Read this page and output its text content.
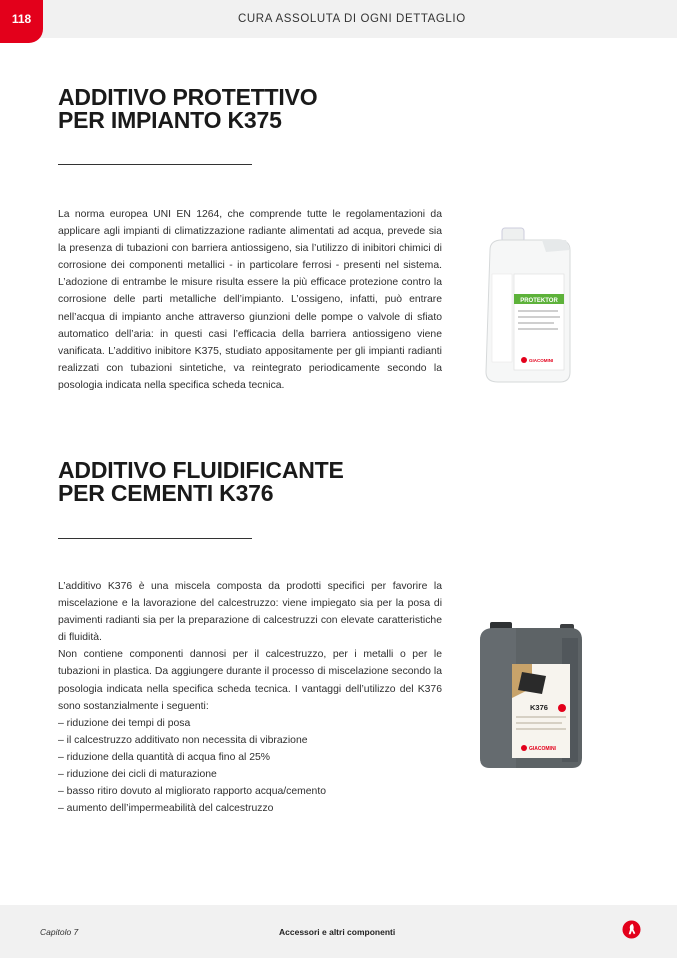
118	CURA ASSOLUTA DI OGNI DETTAGLIO
ADDITIVO PROTETTIVO
PER IMPIANTO K375

La norma europea UNI EN 1264, che comprende tutte le regolamentazioni da applicare agli impianti di climatizzazione radiante alimentati ad acqua, prevede sia la presenza di tubazioni con barriera antiossigeno, sia l’utilizzo di inibitori chimici di corrosione dei componenti metallici - in particolare ferrosi - presenti nel sistema. L’adozione di entrambe le misure risulta essere la più efficace protezione contro la corrosione delle parti metalliche dell’impianto. L’ossigeno, infatti, può entrare nell’acqua di impianto anche attraverso giunzioni delle pompe o valvole di sfiato automatico dell’aria: in questi casi l’efficacia della barriera antiossigeno viene vanificata. L’additivo inibitore K375, studiato appositamente per gli impianti radianti realizzati con tubazioni sintetiche, va reintegrato periodicamente secondo la posologia indicata nella specifica scheda tecnica.

PROTEKTOR
GIACOMINI
ADDITIVO FLUIDIFICANTE
PER CEMENTI K376

L’additivo K376 è una miscela composta da prodotti specifici per favorire la miscelazione e la lavorazione del calcestruzzo: viene impiegato sia per la posa di pavimenti radianti sia per la preparazione di calcestruzzi con elevate caratteristiche di fluidità.

Non contiene componenti dannosi per il calcestruzzo, per i metalli o per le tubazioni in plastica. Da aggiungere durante il processo di miscelazione secondo la posologia indicata nella specifica scheda tecnica. I vantaggi dell’utilizzo del K376 sono sostanzialmente i seguenti:

– riduzione dei tempi di posa
– il calcestruzzo additivato non necessita di vibrazione
– riduzione della quantità di acqua fino al 25%
– riduzione dei cicli di maturazione
– basso ritiro dovuto al migliorato rapporto acqua/cemento
– aumento dell’impermeabilità del calcestruzzo
K376
GIACOMINI
Capitolo 7	Accessori e altri componenti
